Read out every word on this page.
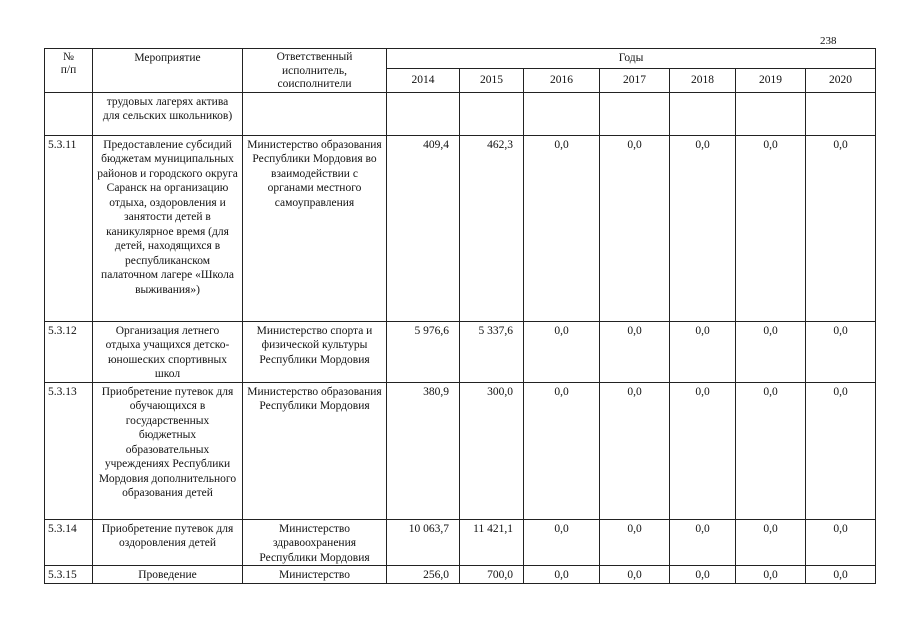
238
№
п/п	Мероприятие	Ответственный исполнитель, соисполнители	Годы						
			2014	2015	2016	2017	2018	2019	2020
	трудовых лагерях актива для сельских школьников)								
5.3.11	Предоставление субсидий бюджетам муниципальных районов и городского округа Саранск на организацию отдыха, оздоровления и занятости детей в каникулярное время (для детей, находящихся в республиканском палаточном лагере «Школа выживания»)	Министерство образования Республики Мордовия во взаимодействии с органами местного самоуправления	409,4	462,3	0,0	0,0	0,0	0,0	0,0
5.3.12	Организация летнего отдыха учащихся детско-юношеских спортивных школ	Министерство спорта и физической культуры Республики Мордовия	5 976,6	5 337,6	0,0	0,0	0,0	0,0	0,0
5.3.13	Приобретение путевок для обучающихся в государственных бюджетных образовательных учреждениях Республики Мордовия дополнительного образования детей	Министерство образования Республики Мордовия	380,9	300,0	0,0	0,0	0,0	0,0	0,0
5.3.14	Приобретение путевок для оздоровления детей	Министерство здравоохранения Республики Мордовия	10 063,7	11 421,1	0,0	0,0	0,0	0,0	0,0
5.3.15	Проведение	Министерство	256,0	700,0	0,0	0,0	0,0	0,0	0,0
